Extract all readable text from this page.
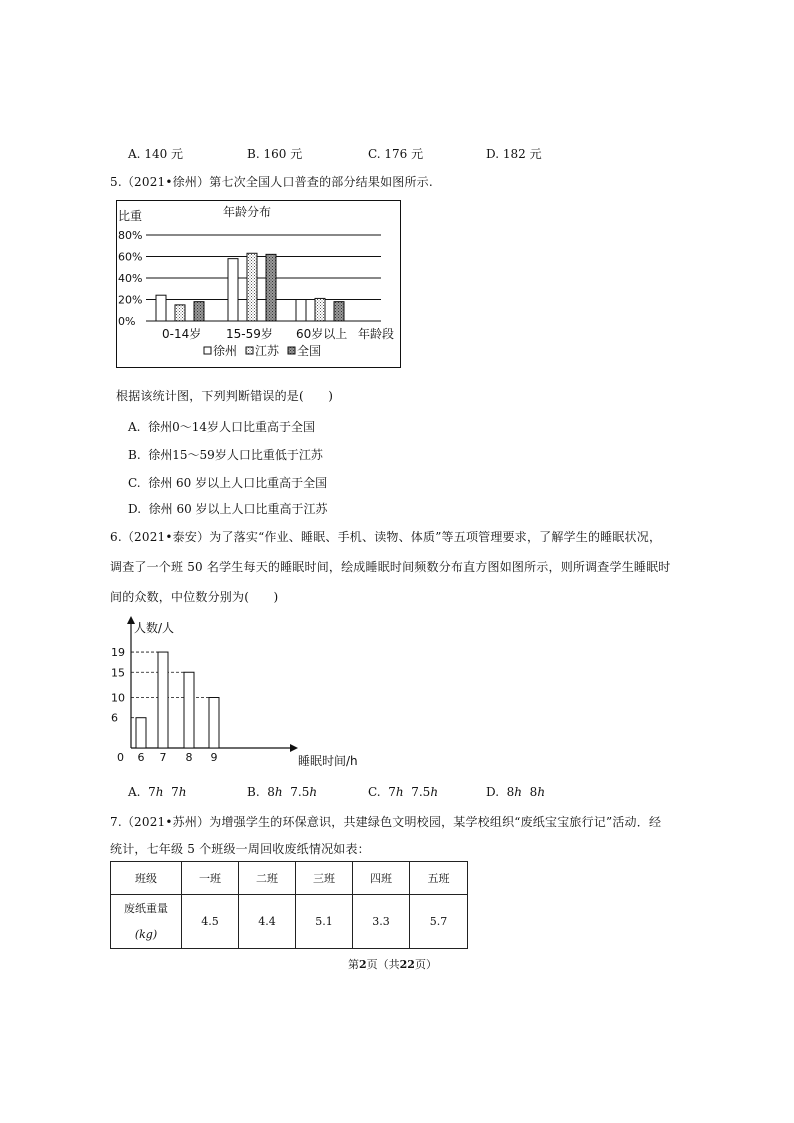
A. 140 元	B. 160 元	C. 176 元	D. 182 元
5.（2021•徐州）第七次全国人口普查的部分结果如图所示.
0%
20%
40%
60%
80%
比重	年龄分布
年龄段
0-14岁 15-59岁 60岁以上
徐州 江苏 全国
根据该统计图，下列判断错误的是(　　)
A. 徐州0～14岁人口比重高于全国
B. 徐州15～59岁人口比重低于江苏
C. 徐州 60 岁以上人口比重高于全国
D. 徐州 60 岁以上人口比重高于江苏
6.（2021•泰安）为了落实“作业、睡眠、手机、读物、体质”等五项管理要求，了解学生的睡眠状况，
调查了一个班 50 名学生每天的睡眠时间，绘成睡眠时间频数分布直方图如图所示，则所调查学生睡眠时
间的众数，中位数分别为(　　)
人数/人
睡眠时间/h
0 6 7 8 9
6
10
15
19
A. 7h 7h	B. 8h 7.5h	C. 7h 7.5h	D. 8h 8h
7.（2021•苏州）为增强学生的环保意识，共建绿色文明校园，某学校组织“废纸宝宝旅行记”活动．经
统计，七年级 5 个班级一周回收废纸情况如表：
班级	一班	二班	三班	四班	五班

废纸重量
(kg)	4.5	4.4	5.1	3.3	5.7
第2页（共22页）
